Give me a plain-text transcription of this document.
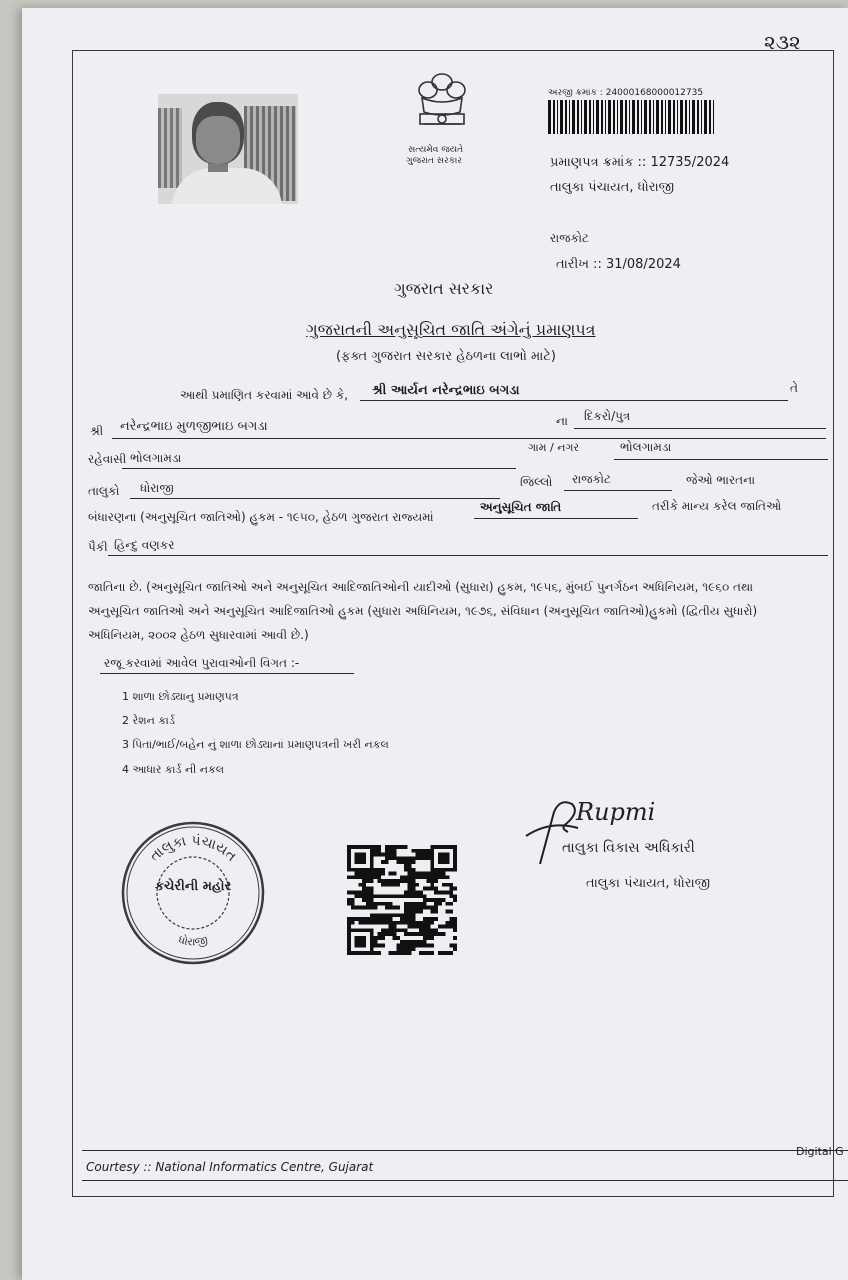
૨૩૨
સત્યમેવ જયતે
ગુજરાત સરકાર
અરજી ક્રમાંક : 24000168000012735
પ્રમાણપત્ર ક્રમાંક :: 12735/2024
તાલુકા પંચાયત, ધોરાજી
રાજકોટ
તારીખ :: 31/08/2024
ગુજરાત સરકાર
ગુજરાતની અનુસૂચિત જાતિ અંગેનું પ્રમાણપત્ર
(ફક્ત ગુજરાત સરકાર હેઠળના લાભો માટે)
આથી પ્રમાણિત કરવામાં આવે છે કે, શ્રી આર્યન નરેન્દ્રભાઇ બગડા	તે
શ્રી નરેન્દ્રભાઇ મુળજીભાઇ બગડા	ના દિકરો/પુત્ર
રહેવાસી ભોલગામડા
ગામ / નગર	ભોલગામડા
તાલુકો ધોરાજી	જિલ્લો રાજકોટ	જેઓ ભારતના
બંધારણના (અનુસૂચિત જાતિઓ) હુકમ - ૧૯૫૦, હેઠળ ગુજરાત રાજ્યમાં
અનુસૂચિત જાતિ	તરીકે માન્ય કરેલ જાતિઓ
પૈકી હિન્દુ વણકર
જાતિના છે. (અનુસૂચિત જાતિઓ અને અનુસૂચિત આદિજાતિઓની યાદીઓ (સુધારા) હુકમ, ૧૯૫૬, મુંબઈ પુનર્ગઠન અધિનિયમ, ૧૯૬૦ તથા
અનુસૂચિત જાતિઓ અને અનુસૂચિત આદિજાતિઓ હુકમ (સુધારા અધિનિયમ, ૧૯૭૬, સંવિધાન (અનુસૂચિત જાતિઓ)હુકમો (દ્વિતીય સુધારો)
અધિનિયમ, ૨૦૦૨ હેઠળ સુધારવામાં આવી છે.)
રજૂ કરવામાં આવેલ પુરાવાઓની વિગત :-
1 શાળા છોડ્યાનુ પ્રમાણપત્ર
2 રેશન કાર્ડ
3 પિતા/ભાઈ/બહેન નું શાળા છોડ્યાનાં પ્રમાણપત્રની ખરી નકલ
4 આધાર કાર્ડ ની નકલ
તાલુકા પંચાયત
ધોરાજી
કચેરીની મહોર
Rupmi
તાલુકા વિકાસ અધિકારી
તાલુકા પંચાયત, ધોરાજી
Courtesy :: National Informatics Centre, Gujarat
Digital G
